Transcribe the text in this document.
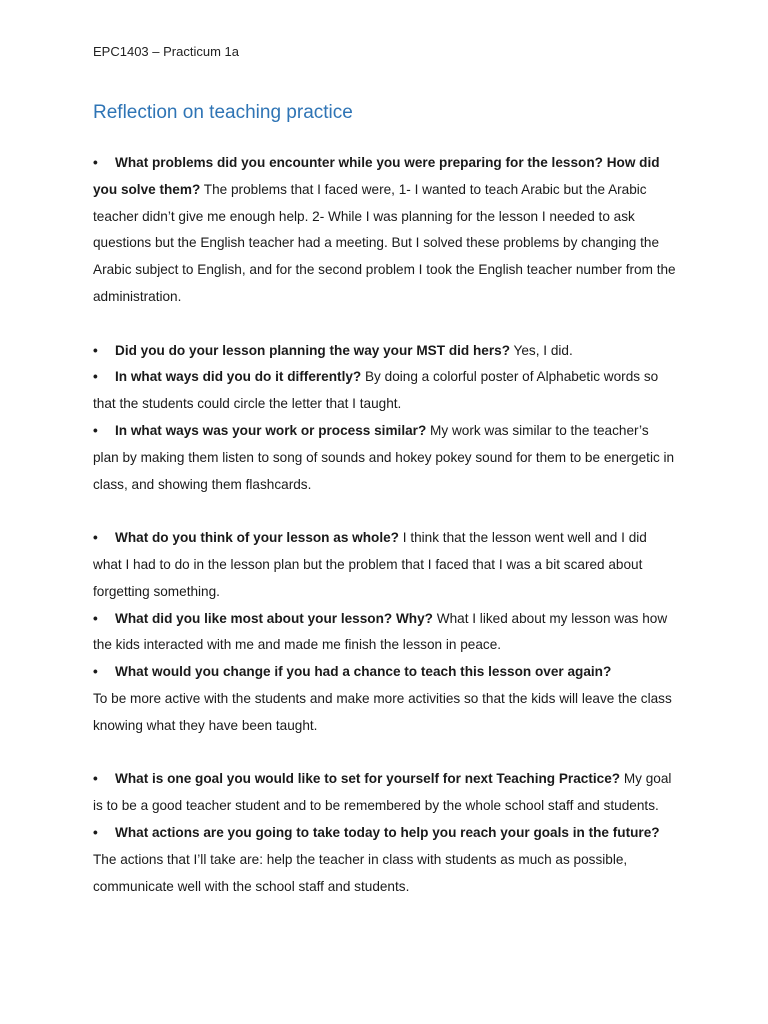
EPC1403 – Practicum 1a
Reflection on teaching practice

• What problems did you encounter while you were preparing for the lesson? How did you solve them? The problems that I faced were, 1- I wanted to teach Arabic but the Arabic teacher didn’t give me enough help. 2- While I was planning for the lesson I needed to ask questions but the English teacher had a meeting. But I solved these problems by changing the Arabic subject to English, and for the second problem I took the English teacher number from the administration.

• Did you do your lesson planning the way your MST did hers? Yes, I did.

• In what ways did you do it differently? By doing a colorful poster of Alphabetic words so that the students could circle the letter that I taught.

• In what ways was your work or process similar? My work was similar to the teacher’s plan by making them listen to song of sounds and hokey pokey sound for them to be energetic in class, and showing them flashcards.

• What do you think of your lesson as whole? I think that the lesson went well and I did what I had to do in the lesson plan but the problem that I faced that I was a bit scared about forgetting something.

• What did you like most about your lesson? Why? What I liked about my lesson was how the kids interacted with me and made me finish the lesson in peace.

• What would you change if you had a chance to teach this lesson over again?

To be more active with the students and make more activities so that the kids will leave the class knowing what they have been taught.

• What is one goal you would like to set for yourself for next Teaching Practice? My goal is to be a good teacher student and to be remembered by the whole school staff and students.

• What actions are you going to take today to help you reach your goals in the future?

The actions that I’ll take are: help the teacher in class with students as much as possible, communicate well with the school staff and students.
